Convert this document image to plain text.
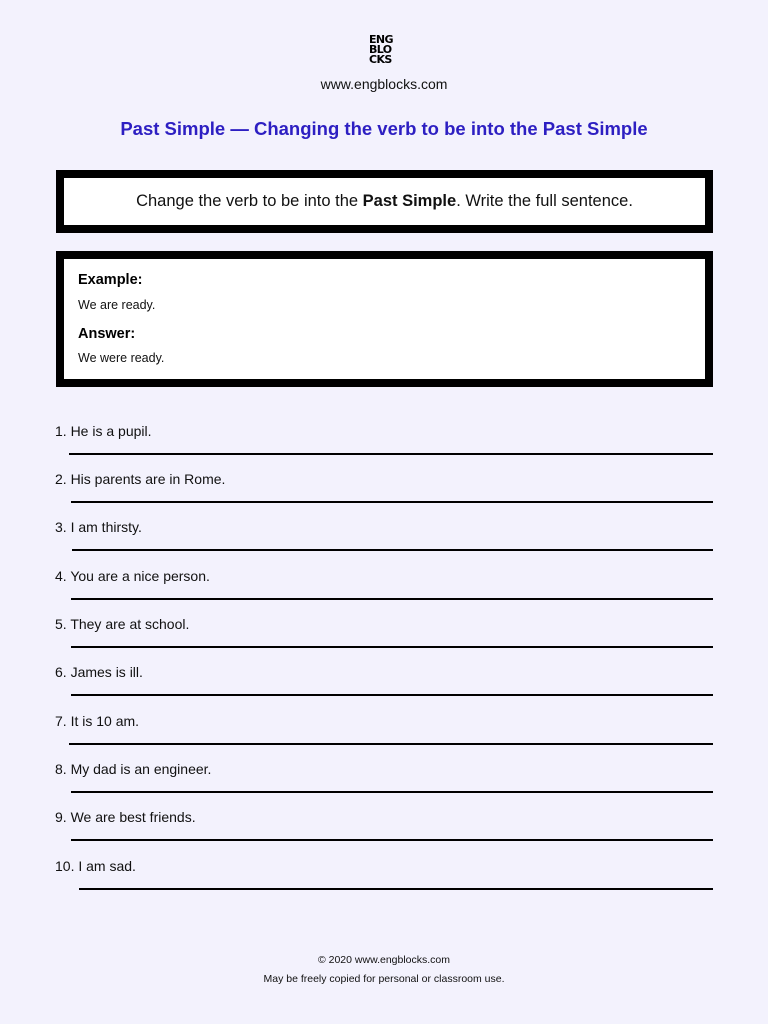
ENG
BLO
CKS
www.engblocks.com
Past Simple — Changing the verb to be into the Past Simple
Change the verb to be into the Past Simple. Write the full sentence.
Example:
We are ready.
Answer:
We were ready.
1. He is a pupil.
2. His parents are in Rome.
3. I am thirsty.
4. You are a nice person.
5. They are at school.
6. James is ill.
7. It is 10 am.
8. My dad is an engineer.
9. We are best friends.
10. I am sad.
© 2020 www.engblocks.com
May be freely copied for personal or classroom use.
